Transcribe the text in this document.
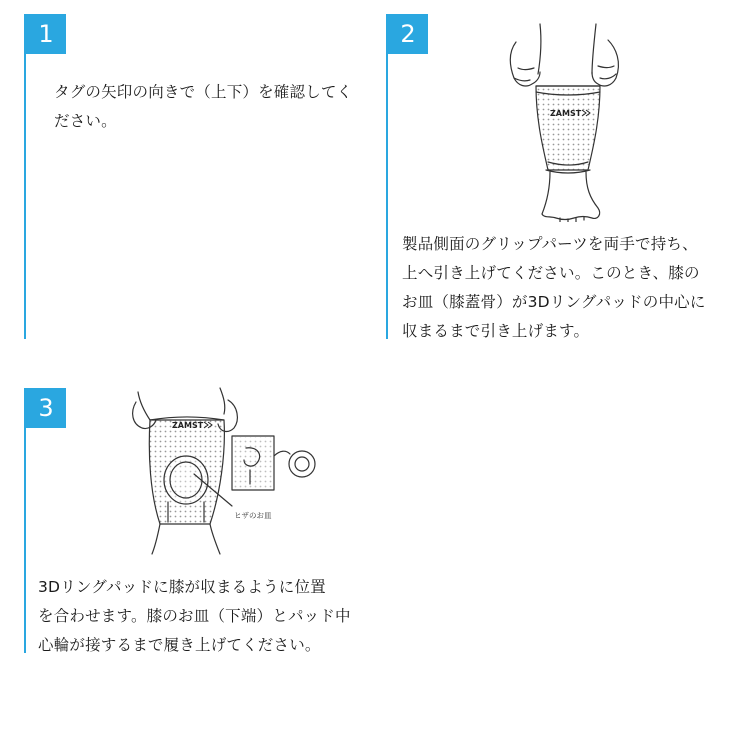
1
タグの矢印の向きで（上下）を確認してく
ださい。
2
ZAMST
製品側面のグリップパーツを両手で持ち、
上へ引き上げてください。このとき、膝の
お皿（膝蓋骨）が3Dリングパッドの中心に
収まるまで引き上げます。
3
ZAMST
ヒザのお皿
3Dリングパッドに膝が収まるように位置
を合わせます。膝のお皿（下端）とパッド中
心輪が接するまで履き上げてください。
